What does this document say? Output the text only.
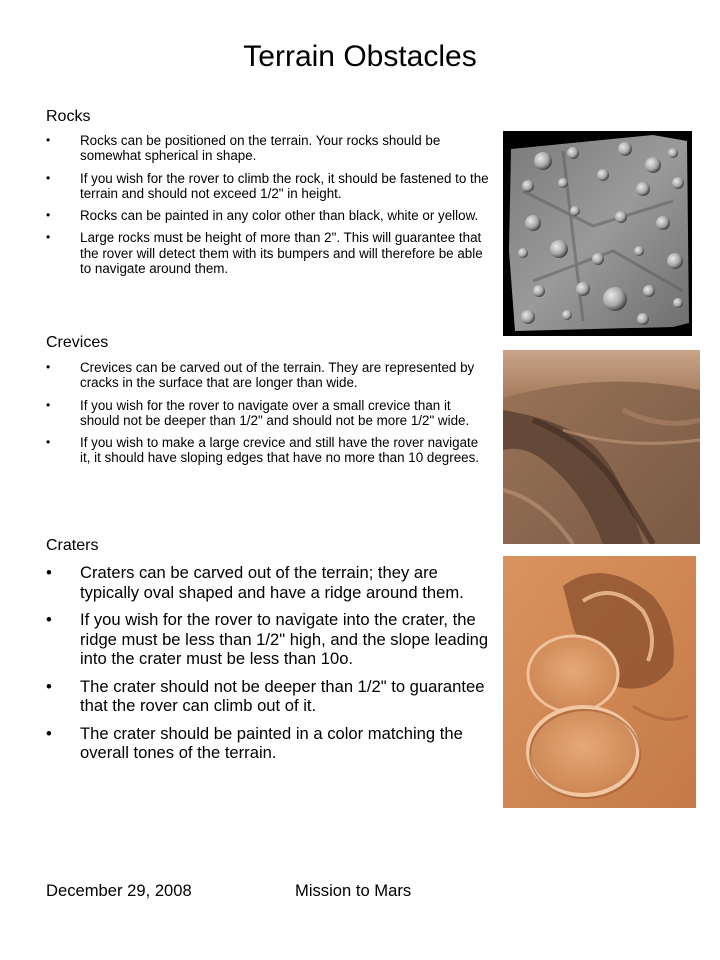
Terrain Obstacles
Rocks
• Rocks can be positioned on the terrain. Your rocks should be somewhat spherical in shape.
• If you wish for the rover to climb the rock, it should be fastened to the terrain and should not exceed 1/2" in height.
• Rocks can be painted in any color other than black, white or yellow.
• Large rocks must be height of more than 2". This will guarantee that the rover will detect them with its bumpers and will therefore be able to navigate around them.
Crevices
• Crevices can be carved out of the terrain. They are represented by cracks in the surface that are longer than wide.
• If you wish for the rover to navigate over a small crevice than it should not be deeper than 1/2" and should not be more 1/2" wide.
• If you wish to make a large crevice and still have the rover navigate it, it should have sloping edges that have no more than 10 degrees.
Craters
• Craters can be carved out of the terrain; they are typically oval shaped and have a ridge around them.
• If you wish for the rover to navigate into the crater, the ridge must be less than 1/2" high, and the slope leading into the crater must be less than 10o.
• The crater should not be deeper than 1/2" to guarantee that the rover can climb out of it.
• The crater should be painted in a color matching the overall tones of the terrain.
December 29, 2008	Mission to Mars
